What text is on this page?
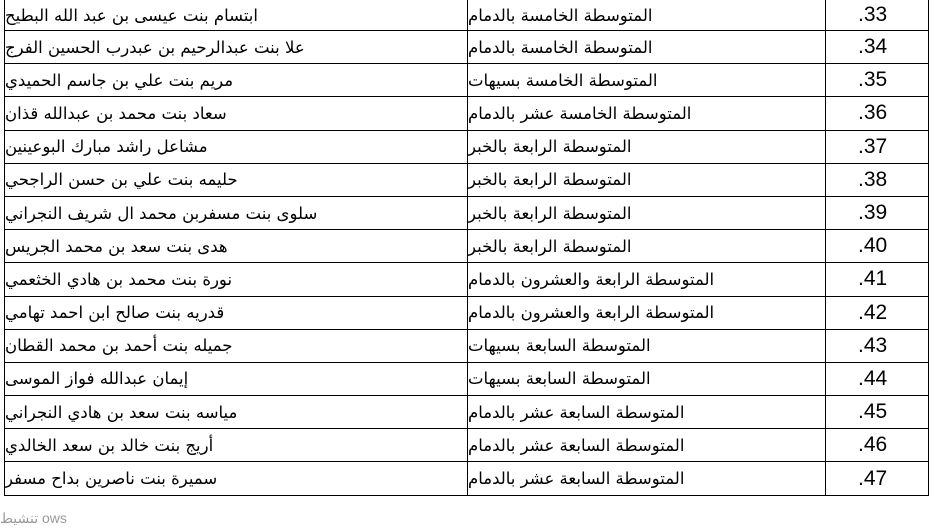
ابتسام بنت عيسى بن عبد الله البطيح	المتوسطة الخامسة بالدمام	.33
علا بنت عبدالرحيم بن عبدرب الحسين الفرج	المتوسطة الخامسة بالدمام	.34
مريم بنت علي بن جاسم الحميدي	المتوسطة الخامسة بسيهات	.35
سعاد بنت محمد بن عبدالله قذان	المتوسطة الخامسة عشر بالدمام	.36
مشاعل راشد مبارك البوعينين	المتوسطة الرابعة بالخبر	.37
حليمه بنت علي بن حسن الراجحي	المتوسطة الرابعة بالخبر	.38
سلوى بنت مسفربن محمد ال شريف النجراني	المتوسطة الرابعة بالخبر	.39
هدى بنت سعد بن محمد الجريس	المتوسطة الرابعة بالخبر	.40
نورة بنت محمد بن هادي الخثعمي	المتوسطة الرابعة والعشرون بالدمام	.41
قدريه بنت صالح ابن احمد تهامي	المتوسطة الرابعة والعشرون بالدمام	.42
جميله بنت أحمد بن محمد القطان	المتوسطة السابعة بسيهات	.43
إيمان عبدالله فواز الموسى	المتوسطة السابعة بسيهات	.44
مياسه بنت سعد بن هادي النجراني	المتوسطة السابعة عشر بالدمام	.45
أريج بنت خالد بن سعد الخالدي	المتوسطة السابعة عشر بالدمام	.46
سميرة بنت ناصرين بداح مسفر	المتوسطة السابعة عشر بالدمام	.47
تنشيط ows
